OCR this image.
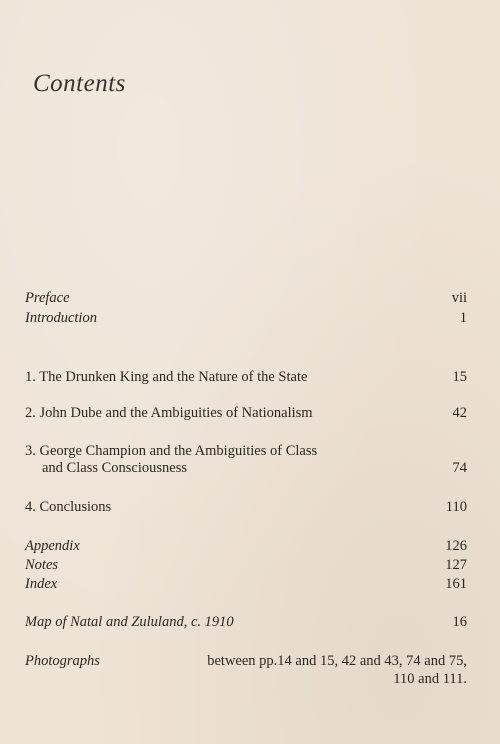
Contents
Preface	vii
Introduction	1
1. The Drunken King and the Nature of the State	15
2. John Dube and the Ambiguities of Nationalism	42
3. George Champion and the Ambiguities of Class
and Class Consciousness	74
4. Conclusions	110
Appendix	126
Notes	127
Index	161
Map of Natal and Zululand, c. 1910	16
Photographs	between pp.14 and 15, 42 and 43, 74 and 75,
110 and 111.
